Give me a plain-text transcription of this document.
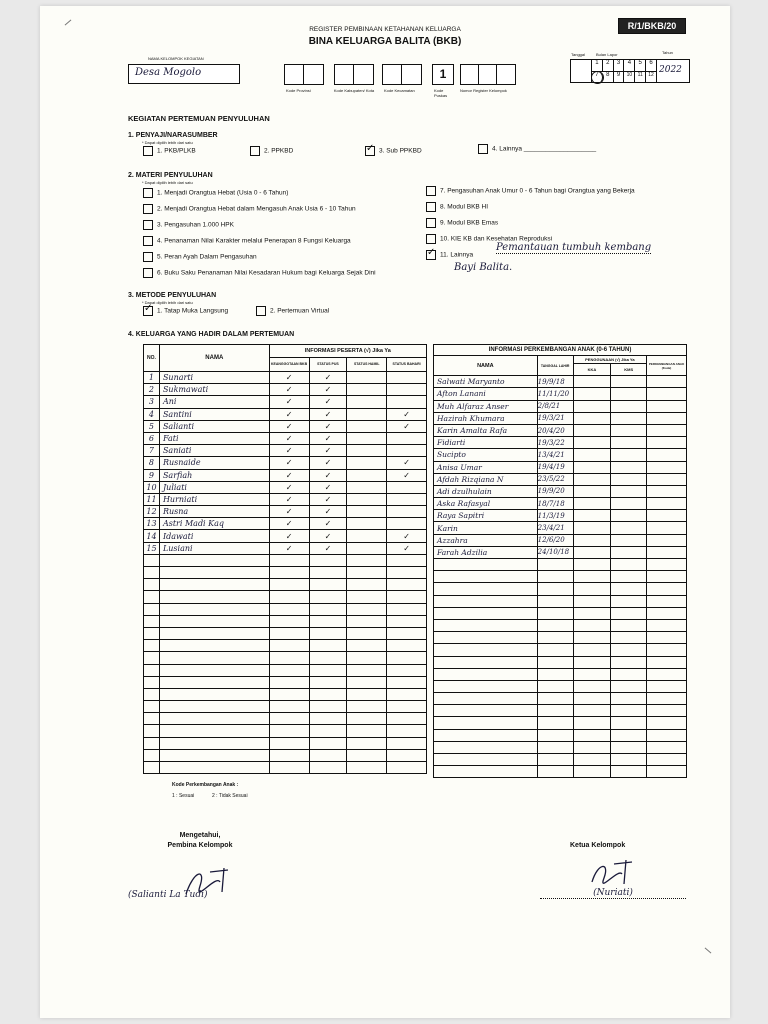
REGISTER PEMBINAAN KETAHANAN KELUARGA
BINA KELUARGA BALITA (BKB)
R/1/BKB/20
NAMA KELOMPOK KEGIATAN
Desa Mogolo
Kode Provinsi	Kode Kabupaten/ Kota	Kode Kecamatan
1
Kode Puskas
Nomor Register Kelompok
Tanggal	Bulan Lapor	Tahun
1	2	3	4	5	6
7	8	9	10	11	12 2022
KEGIATAN PERTEMUAN PENYULUHAN
1. PENYAJI/NARASUMBER
* Dapat dipilih lebih dari satu
1. PKB/PLKB	2. PPKBD ✓	3. Sub PPKBD	4. Lainnya ____________________
2. MATERI PENYULUHAN
* Dapat dipilih lebih dari satu
1. Menjadi Orangtua Hebat (Usia 0 - 6 Tahun)
2. Menjadi Orangtua Hebat dalam Mengasuh Anak Usia 6 - 10 Tahun
3. Pengasuhan 1.000 HPK
4. Penanaman Nilai Karakter melalui Penerapan 8 Fungsi Keluarga
5. Peran Ayah Dalam Pengasuhan
6. Buku Saku Penanaman Nilai Kesadaran Hukum bagi Keluarga Sejak Dini
7. Pengasuhan Anak Umur 0 - 6 Tahun bagi Orangtua yang Bekerja
8. Modul BKB HI
9. Modul BKB Emas
10. KIE KB dan Kesehatan Reproduksi
✓11. Lainnya
Pemantauan tumbuh kembang
Bayi Balita.
3. METODE PENYULUHAN
* Dapat dipilih lebih dari satu
✓1. Tatap Muka Langsung	2. Pertemuan Virtual
4. KELUARGA YANG HADIR DALAM PERTEMUAN
NO.	NAMA	INFORMASI PESERTA (√) Jika Ya			
		KEANGGOTAAN BKB	STATUS PUS	STATUS HAMIL	STATUS BAHARI
1	Sunarti	✓	✓		
2	Sukmawati	✓	✓		
3	Ani	✓	✓		
4	Santini	✓	✓		✓
5	Salianti	✓	✓		✓
6	Fati	✓	✓		
7	Saniati	✓	✓		
8	Rusnaide	✓	✓		✓
9	Sarfiah	✓	✓		✓
10	Juliati	✓	✓		
11	Hurniati	✓	✓		
12	Rusna	✓	✓		
13	Astri Madi Kaq	✓	✓		
14	Idawati	✓	✓		✓
15	Lusiani	✓	✓		✓

INFORMASI PERKEMBANGAN ANAK (0-6 TAHUN)				
NAMA	TANGGAL LAHIR	PENGGUNAAN (√) Jika Ya		PERKEMBANGAN ANAK (Kode)
		KKA	KMS	
Salwati Maryanto	19/9/18			
Afton Lanani	11/11/20			
Muh Alfaraz Anser	2/8/21			
Hazirah Khumara	19/3/21			
Karin Amalta Rafa	20/4/20			
Fidiarti	19/3/22			
Sucipto	13/4/21			
Anisa Umar	19/4/19			
Afdah Rizqiana N	23/5/22			
Adi dzulhulain	19/9/20			
Aska Rafasyal	18/7/18			
Raya Sapitri	11/3/19			
Karin	23/4/21			
Azzahra	12/6/20			
Farah Adzilia	24/10/18			

Kode Perkembangan Anak :
1 : Sesuai	2 : Tidak Sesuai
Mengetahui,
Pembina Kelompok
(Salianti La Tudi)
Ketua Kelompok
(Nuriati)
